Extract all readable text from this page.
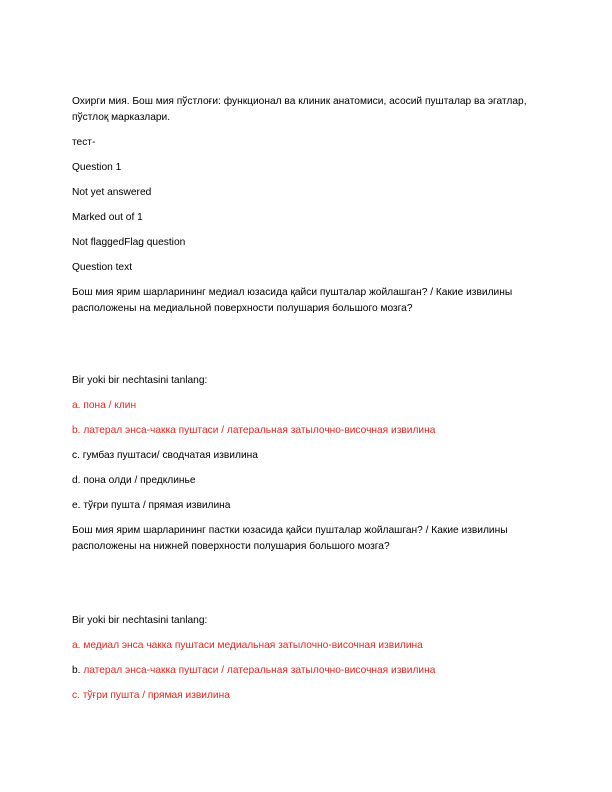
Охирги мия. Бош мия пўстлоғи: функционал ва клиник анатомиси, асосий пушталар ва эгатлар, пўстлоқ марказлари.

тест-

Question 1

Not yet answered

Marked out of 1

Not flaggedFlag question

Question text

Бош мия ярим шарларининг медиал юзасида қайси пушталар жойлашган? / Какие извилины расположены на медиальной поверхности полушария большого мозга?

Bir yoki bir nechtasini tanlang:

a. пона / клин

b. латерал энса-чакка пуштаси / латеральная затылочно-височная извилина

c. гумбаз пуштаси/ сводчатая извилина

d. пона олди / предклинье

e. тўғри пушта / прямая извилина

Бош мия ярим шарларининг пастки юзасида қайси пушталар жойлашган? / Какие извилины расположены на нижней поверхности полушария большого мозга?

Bir yoki bir nechtasini tanlang:

a. медиал энса чакка пуштаси медиальная затылочно-височная извилина

b. латерал энса-чакка пуштаси / латеральная затылочно-височная извилина

c. тўғри пушта / прямая извилина
